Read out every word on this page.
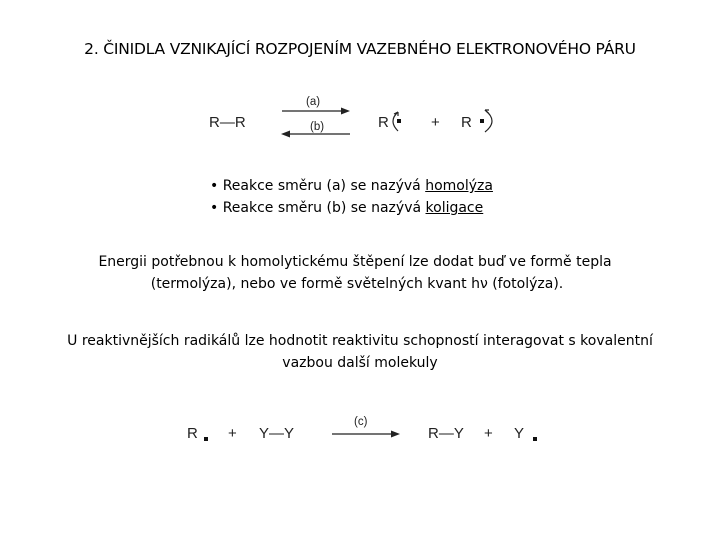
2. ČINIDLA VZNIKAJÍCÍ ROZPOJENÍM VAZEBNÉHO ELEKTRONOVÉHO PÁRU
R—R
(a)
(b)	R	+ R
• Reakce směru (a) se nazývá homolýza
• Reakce směru (b) se nazývá koligace
Energii potřebnou k homolytickému štěpení lze dodat buď ve formě tepla
(termolýza), nebo ve formě světelných kvant hν (fotolýza).
U reaktivnějších radikálů lze hodnotit reaktivitu schopností interagovat s kovalentní
vazbou další molekuly
R + Y—Y
(c)
R—Y + Y
